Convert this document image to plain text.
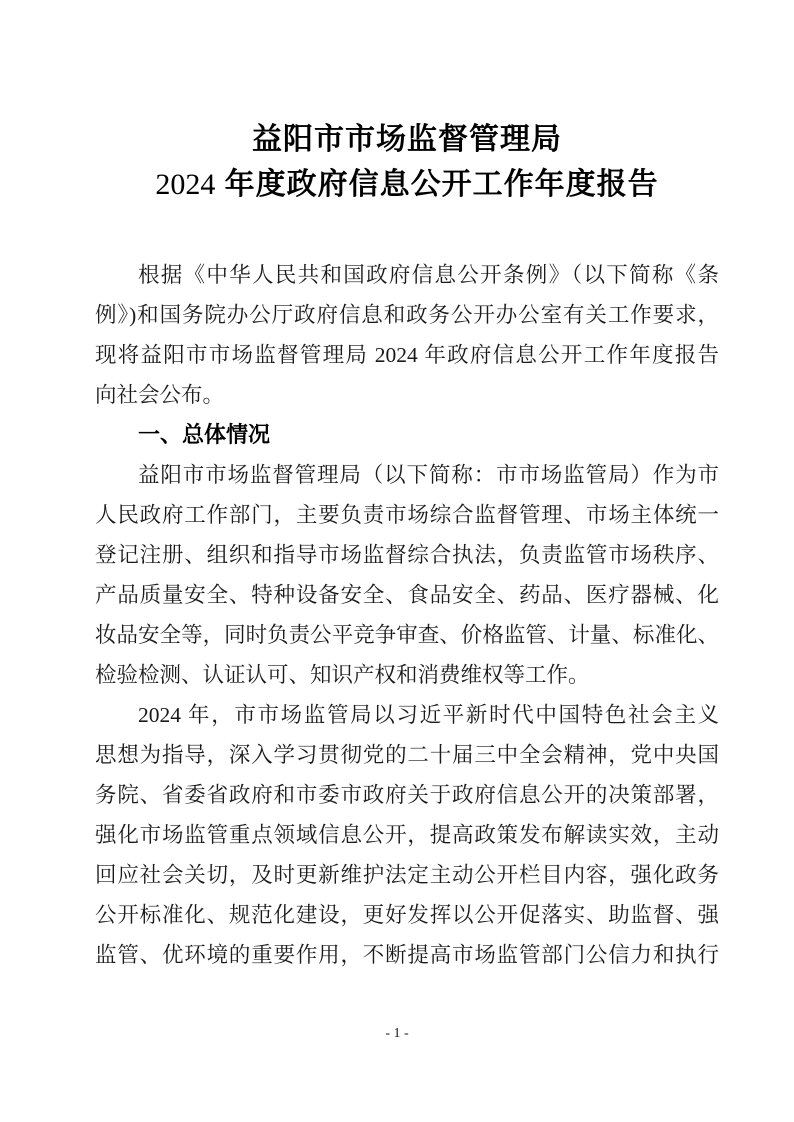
益阳市市场监督管理局
2024 年度政府信息公开工作年度报告
根据《中华人民共和国政府信息公开条例》（以下简称《条
例》)和国务院办公厅政府信息和政务公开办公室有关工作要求，
现将益阳市市场监督管理局 2024 年政府信息公开工作年度报告
向社会公布。
一、总体情况
益阳市市场监督管理局（以下简称：市市场监管局）作为市
人民政府工作部门，主要负责市场综合监督管理、市场主体统一
登记注册、组织和指导市场监督综合执法，负责监管市场秩序、
产品质量安全、特种设备安全、食品安全、药品、医疗器械、化
妆品安全等，同时负责公平竞争审查、价格监管、计量、标准化、
检验检测、认证认可、知识产权和消费维权等工作。
2024 年，市市场监管局以习近平新时代中国特色社会主义
思想为指导，深入学习贯彻党的二十届三中全会精神，党中央国
务院、省委省政府和市委市政府关于政府信息公开的决策部署，
强化市场监管重点领域信息公开，提高政策发布解读实效，主动
回应社会关切，及时更新维护法定主动公开栏目内容，强化政务
公开标准化、规范化建设，更好发挥以公开促落实、助监督、强
监管、优环境的重要作用，不断提高市场监管部门公信力和执行
- 1 -
